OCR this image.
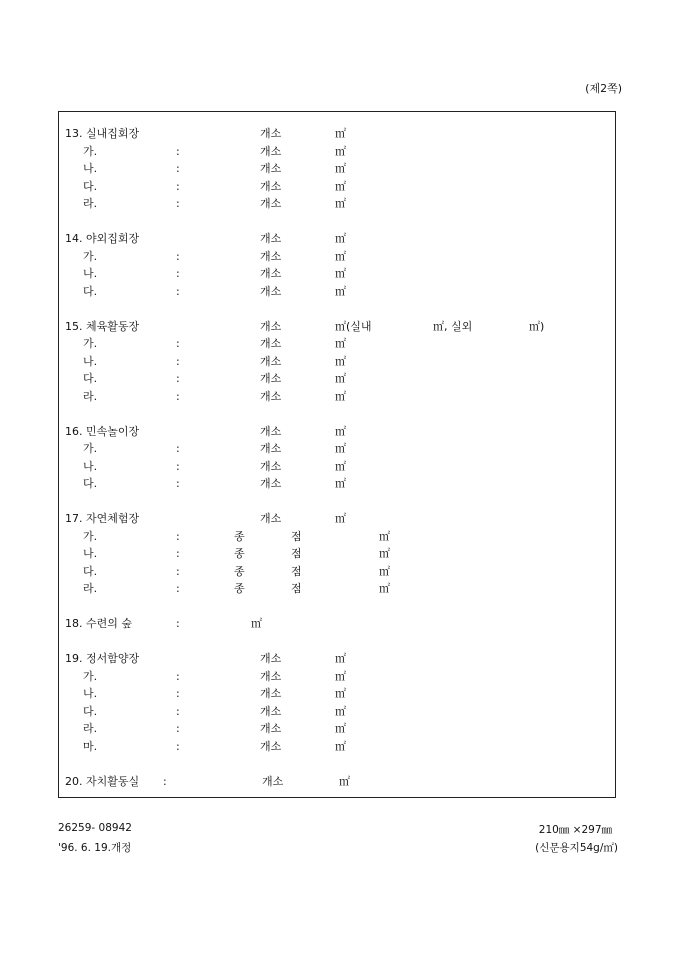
(제2쪽)
13. 실내집회장	개소	㎡
가.	:	개소	㎡
나.	:	개소	㎡
다.	:	개소	㎡
라.	:	개소	㎡
14. 야외집회장	개소	㎡
가.	:	개소	㎡
나.	:	개소	㎡
다.	:	개소	㎡
15. 체육활동장	개소	㎡(실내	㎡, 실외	㎡)
가.	:	개소	㎡
나.	:	개소	㎡
다.	:	개소	㎡
라.	:	개소	㎡
16. 민속놀이장	개소	㎡
가.	:	개소	㎡
나.	:	개소	㎡
다.	:	개소	㎡
17. 자연체험장	개소	㎡
가.	:	종	점	㎡
나.	:	종	점	㎡
다.	:	종	점	㎡
라.	:	종	점	㎡
18. 수련의 숲	:	㎡
19. 정서함양장	개소	㎡
가.	:	개소	㎡
나.	:	개소	㎡
다.	:	개소	㎡
라.	:	개소	㎡
마.	:	개소	㎡
20. 자치활동실 :	개소	㎡
26259- 08942
'96. 6. 19.개정
210㎜ ×297㎜
(신문용지54g/㎡)
